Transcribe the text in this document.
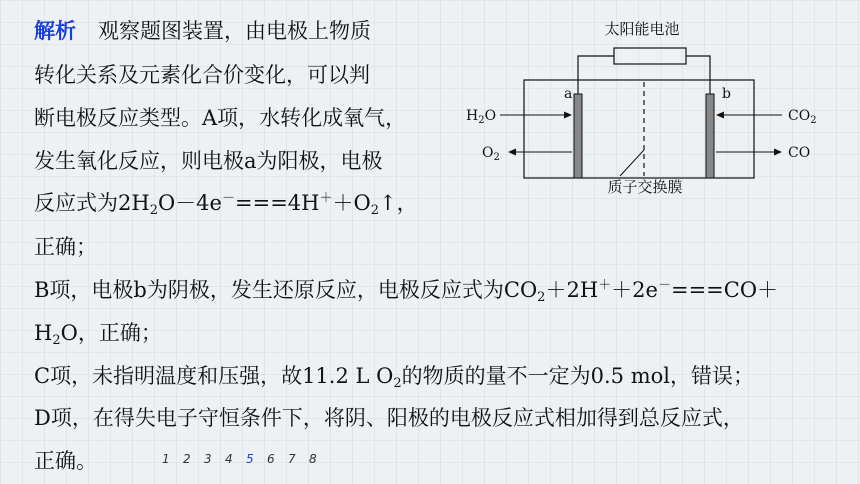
解析 观察题图装置，由电极上物质
转化关系及元素化合价变化，可以判
断电极反应类型。A项，水转化成氧气，
发生氧化反应，则电极a为阳极，电极
反应式为$2H_2O-4e^-===4H^++O_2↑$，
正确；
B项，电极b为阴极，发生还原反应，电极反应式为$CO_2+2H^++2e^-===CO+$
$H_2O$，正确；
C项，未指明温度和压强，故11.2 L $O_2$的物质的量不一定为0.5 mol，错误；
D项，在得失电子守恒条件下，将阴、阳极的电极反应式相加得到总反应式，
正确。
太阳能电池
a	b
质子交换膜
$H_2O$
$O_2$
$CO_2$
CO
1 2 3 4 5 6 7 8
